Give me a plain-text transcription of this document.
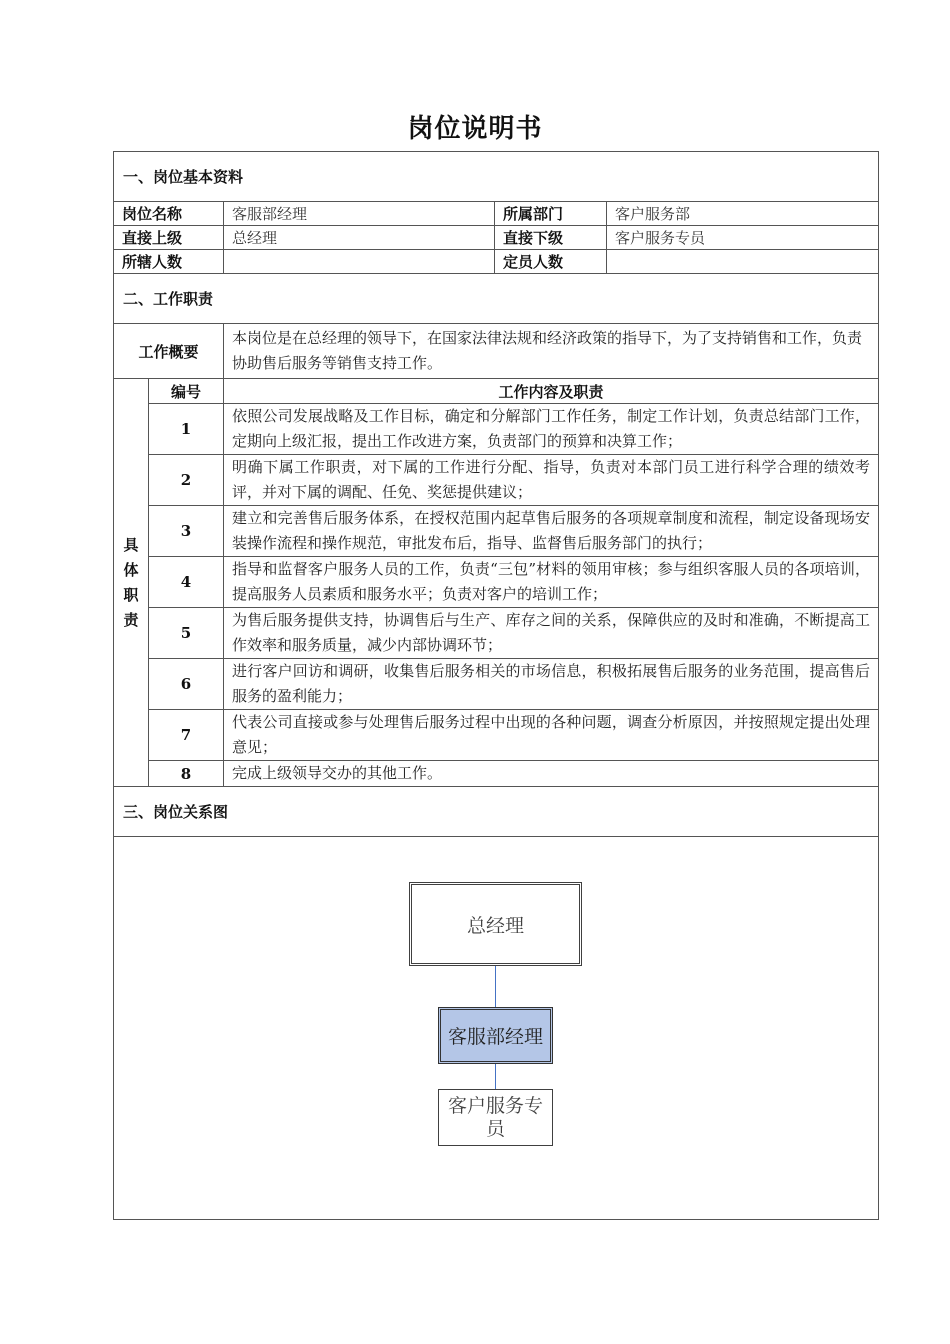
岗位说明书
一、岗位基本资料				
岗位名称		客服部经理	所属部门	客户服务部
直接上级		总经理	直接下级	客户服务专员
所辖人数			定员人数	
二、工作职责				
工作概要		本岗位是在总经理的领导下，在国家法律法规和经济政策的指导下，为了支持销售和工作，负责协助售后服务等销售支持工作。		

具
体
职
责	编号	工作内容及职责		
	1	依照公司发展战略及工作目标，确定和分解部门工作任务，制定工作计划，负责总结部门工作，定期向上级汇报，提出工作改进方案，负责部门的预算和决算工作；		
	2	明确下属工作职责，对下属的工作进行分配、指导，负责对本部门员工进行科学合理的绩效考评，并对下属的调配、任免、奖惩提供建议；		
	3	建立和完善售后服务体系，在授权范围内起草售后服务的各项规章制度和流程，制定设备现场安装操作流程和操作规范，审批发布后，指导、监督售后服务部门的执行；		
	4	指导和监督客户服务人员的工作，负责“三包”材料的领用审核；参与组织客服人员的各项培训，提高服务人员素质和服务水平；负责对客户的培训工作；		
	5	为售后服务提供支持，协调售后与生产、库存之间的关系，保障供应的及时和准确，不断提高工作效率和服务质量，减少内部协调环节；		
	6	进行客户回访和调研，收集售后服务相关的市场信息，积极拓展售后服务的业务范围，提高售后服务的盈利能力；		
	7	代表公司直接或参与处理售后服务过程中出现的各种问题，调查分析原因，并按照规定提出处理意见；		
	8	完成上级领导交办的其他工作。		
三、岗位关系图				

总经理
客服部经理
客户服务专员				
